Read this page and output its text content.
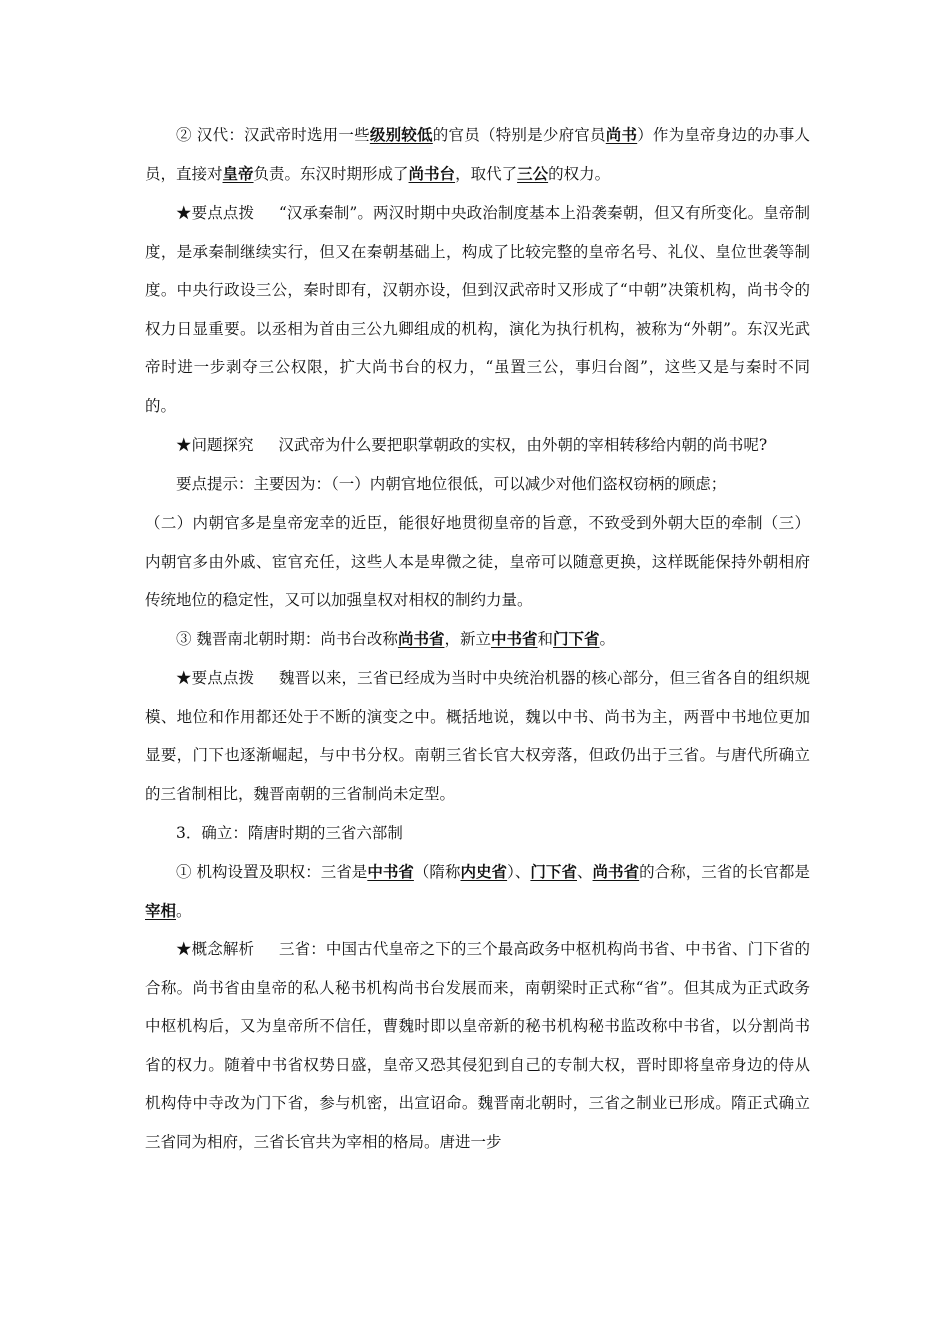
② 汉代：汉武帝时选用一些级别较低的官员（特别是少府官员尚书）作为皇帝身边的办事人员，直接对皇帝负责。东汉时期形成了尚书台，取代了三公的权力。

★要点点拨 “汉承秦制”。两汉时期中央政治制度基本上沿袭秦朝，但又有所变化。皇帝制度，是承秦制继续实行，但又在秦朝基础上，构成了比较完整的皇帝名号、礼仪、皇位世袭等制度。中央行政设三公，秦时即有，汉朝亦设，但到汉武帝时又形成了“中朝”决策机构，尚书令的权力日显重要。以丞相为首由三公九卿组成的机构，演化为执行机构，被称为“外朝”。东汉光武帝时进一步剥夺三公权限，扩大尚书台的权力，“虽置三公，事归台阁”，这些又是与秦时不同的。

★问题探究 汉武帝为什么要把职掌朝政的实权，由外朝的宰相转移给内朝的尚书呢?

要点提示：主要因为：（一）内朝官地位很低，可以减少对他们盗权窃柄的顾虑；

（二）内朝官多是皇帝宠幸的近臣，能很好地贯彻皇帝的旨意，不致受到外朝大臣的牵制（三）内朝官多由外戚、宦官充任，这些人本是卑微之徒，皇帝可以随意更换，这样既能保持外朝相府传统地位的稳定性，又可以加强皇权对相权的制约力量。

③ 魏晋南北朝时期：尚书台改称尚书省，新立中书省和门下省。

★要点点拨 魏晋以来，三省已经成为当时中央统治机器的核心部分，但三省各自的组织规模、地位和作用都还处于不断的演变之中。概括地说，魏以中书、尚书为主，两晋中书地位更加显要，门下也逐渐崛起，与中书分权。南朝三省长官大权旁落，但政仍出于三省。与唐代所确立的三省制相比，魏晋南朝的三省制尚未定型。

3．确立：隋唐时期的三省六部制

① 机构设置及职权：三省是中书省（隋称内史省）、门下省、尚书省的合称，三省的长官都是宰相。

★概念解析 三省：中国古代皇帝之下的三个最高政务中枢机构尚书省、中书省、门下省的合称。尚书省由皇帝的私人秘书机构尚书台发展而来，南朝梁时正式称“省”。但其成为正式政务中枢机构后，又为皇帝所不信任，曹魏时即以皇帝新的秘书机构秘书监改称中书省，以分割尚书省的权力。随着中书省权势日盛，皇帝又恐其侵犯到自己的专制大权，晋时即将皇帝身边的侍从机构侍中寺改为门下省，参与机密，出宣诏命。魏晋南北朝时，三省之制业已形成。隋正式确立三省同为相府，三省长官共为宰相的格局。唐进一步
